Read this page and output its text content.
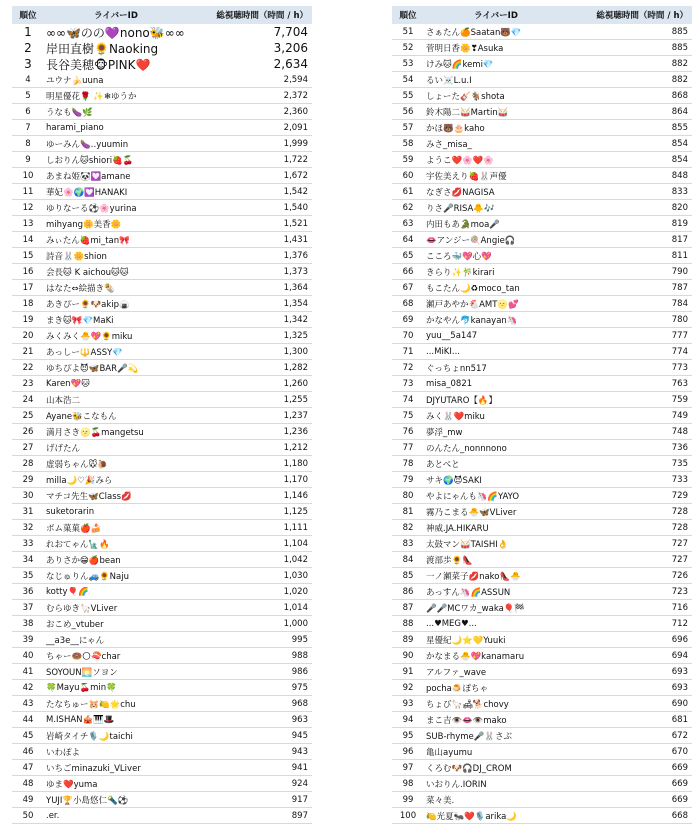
順位	ライバーID	総視聴時間（時間 / h）
1	∞∞🦋のの💜nono🐝∞∞	7,704
2	岸田直樹🌻Naoking	3,206
3	長谷美穂🐵PINK❤️	2,634
4	ユウナ🍌uuna	2,594
5	明星優花🌹 ✨❄ゆうか	2,372
6	うなも🍆🌿	2,360
7	harami_piano	2,091
8	ゆーみん🍆‥yuumin	1,999
9	しおりん🐱shiori🍓🍒	1,722
10	あまね姫🐼💟amane	1,672
11	華妃🌸🌍💟HANAKI	1,542
12	ゆりなーる⚽🌸yurina	1,540
13	mihyang🌼美香🌼	1,521
14	みぃたん🍓mi_tan🎀	1,431
15	詩音🐰🌼shion	1,376
16	会長🐱 K aichou🐱🐱	1,373
17	はなた⇔絵描き🌯	1,364
18	あきぴー🌻🐶akip🍙	1,354
19	まき🐱🎀💎MaKi	1,342
20	みくみく🐣💖🌻miku	1,325
21	あっしー🔱ASSY💎	1,300
22	ゆちぴよ😈🦋BAR🎤💫	1,282
23	Karen💖🐱	1,260
24	山本浩二	1,255
25	Ayane🐝こなもん	1,237
26	満月さき🌝🍒mangetsu	1,236
27	げげたん	1,212
28	虚弱ちゃん🐭🐌	1,180
29	milla🌙♡🎉みら	1,170
30	マチコ先生🦋Class💋	1,146
31	suketorarin	1,125
32	ボム菓菓🍎🍰	1,111
33	れおてゃん🗽🔥	1,104
34	ありさか😁🍎bean	1,042
35	なじゅりん🚙🌻Naju	1,030
36	kotty🎈🌈	1,020
37	むらゆき🦙VLiver	1,014
38	おこめ_vtuber	1,000
39	__a3e__にゃん	995
40	ちゃー🍩🌕🍣char	988
41	SOYOUN🌅ソヨン	986
42	🍀Mayu🍒min🍀	975
43	たなちゅー🐹🍋🌟chu	968
44	M.ISHAN🎪🎹🎩	963
45	岩崎タイチ🎙️🌙taichi	945
46	いわぽよ	943
47	いちごminazuki_VLiver	941
48	ゆま❤️yuma	924
49	YUJI🏆小島悠仁🔦⚽	917
50	.er.	897
順位	ライバーID	総視聴時間（時間 / h）
51	さぁたん🍊Saatan🐻💎	885
52	菅明日香🌼❣Asuka	885
53	けみ🐱🌈kemi💎	882
54	るい☠️L.u.I	882
55	しょーた🎸🐐shota	868
56	鈴木陽二🥁Martin🥁	864
57	かほ🐻🎂kaho	855
58	みさ_misa_	854
59	ようこ❤️🌸❤️🌸	854
60	宇佐美えり🍓🐰声優	848
61	なぎさ💋NAGISA	833
62	りさ🎤RISA🐥🎶	820
63	内田もあ🐊moa🎤	819
64	👄アンジー🍭Angie🎧	817
65	こころ🐳💖心💖	811
66	きらり✨🎋kirari	790
67	もこたん🌙♻moco_tan	787
68	瀬戸あやか🐔AMT🌝💕	784
69	かなやん🐬kanayan🦄	780
70	yuu__5a147	777
71	...MiKI...	774
72	ぐっちょnn517	773
73	misa_0821	763
74	DJYUTARO【🔥】	759
75	みく🐰❤️miku	749
76	夢浮_mw	748
77	のんたん_nonnnono	736
78	あとべと	735
79	サキ🌍😈SAKI	733
80	やよにゃんも🦄🌈YAYO	729
81	霧乃こまる🐣🦋VLiver	728
82	神威.JA.HIKARU	728
83	太鼓マン🥁TAISHI👌	727
84	渡部歩🌻👠	727
85	一ノ瀬菜子💋nako👠🐣	726
86	あっすん🦄🌈ASSUN	723
87	🎤🎤MCワカ_waka🎈🏁	716
88	...♥MEG♥...	712
89	星優紀🌙⭐💛Yuuki	696
90	かなまる🐣💖kanamaru	694
91	アルファ_wave	693
92	pocha🍮ぽちゃ	693
93	ちょび🦙🛋🐕chovy	690
94	まこ吉👁️👄👁️mako	681
95	SUB-rhyme🎤🐰さぶ	672
96	亀山ayumu	670
97	くろむ🐶🎧DJ_CROM	669
98	いおりん.IORIN	669
99	菜々美.	669
100	🍋光夏🐜❤️🎙️arika🌙	668
